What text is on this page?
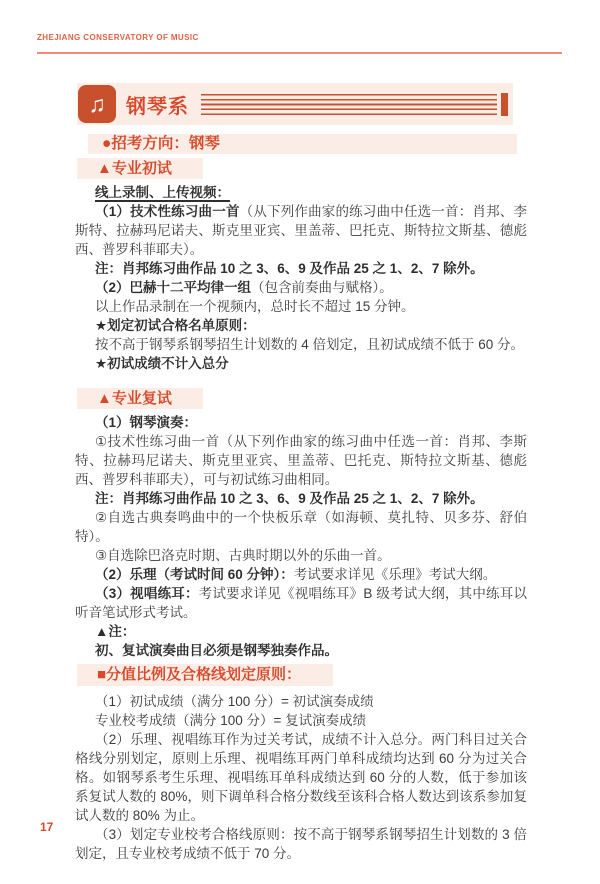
ZHEJIANG CONSERVATORY OF MUSIC
♫ 钢琴系
●招考方向：钢琴
▲专业初试

线上录制、上传视频：

（1）技术性练习曲一首（从下列作曲家的练习曲中任选一首：肖邦、李斯特、拉赫玛尼诺夫、斯克里亚宾、里盖蒂、巴托克、斯特拉文斯基、德彪西、普罗科菲耶夫）。

注：肖邦练习曲作品 10 之 3、6、9 及作品 25 之 1、2、7 除外。

（2）巴赫十二平均律一组（包含前奏曲与赋格）。

以上作品录制在一个视频内，总时长不超过 15 分钟。

★划定初试合格名单原则：

按不高于钢琴系钢琴招生计划数的 4 倍划定，且初试成绩不低于 60 分。

★初试成绩不计入总分

▲专业复试

（1）钢琴演奏：

①技术性练习曲一首（从下列作曲家的练习曲中任选一首：肖邦、李斯特、拉赫玛尼诺夫、斯克里亚宾、里盖蒂、巴托克、斯特拉文斯基、德彪西、普罗科菲耶夫），可与初试练习曲相同。

注：肖邦练习曲作品 10 之 3、6、9 及作品 25 之 1、2、7 除外。

②自选古典奏鸣曲中的一个快板乐章（如海顿、莫扎特、贝多芬、舒伯特）。

③自选除巴洛克时期、古典时期以外的乐曲一首。

（2）乐理（考试时间 60 分钟）：考试要求详见《乐理》考试大纲。

（3）视唱练耳：考试要求详见《视唱练耳》B 级考试大纲，其中练耳以听音笔试形式考试。

▲注：

初、复试演奏曲目必须是钢琴独奏作品。

■分值比例及合格线划定原则：

（1）初试成绩（满分 100 分）= 初试演奏成绩

专业校考成绩（满分 100 分）= 复试演奏成绩

（2）乐理、视唱练耳作为过关考试，成绩不计入总分。两门科目过关合格线分别划定，原则上乐理、视唱练耳两门单科成绩均达到 60 分为过关合格。如钢琴系考生乐理、视唱练耳单科成绩达到 60 分的人数，低于参加该系复试人数的 80%，则下调单科合格分数线至该科合格人数达到该系参加复试人数的 80% 为止。

（3）划定专业校考合格线原则：按不高于钢琴系钢琴招生计划数的 3 倍划定，且专业校考成绩不低于 70 分。

17
